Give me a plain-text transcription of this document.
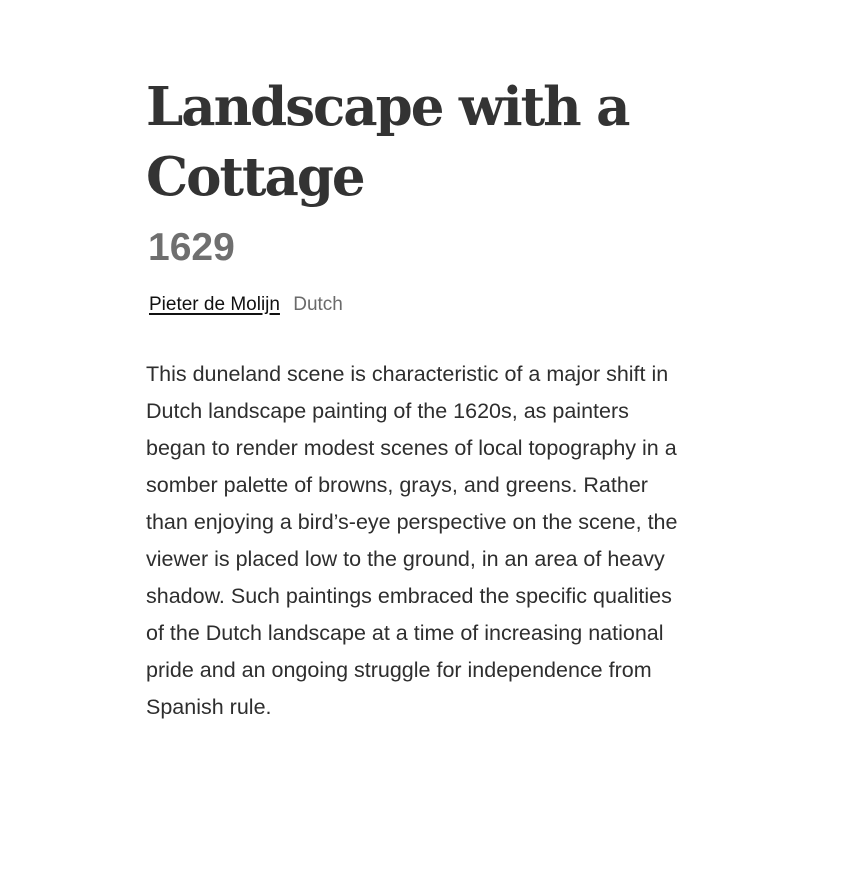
Landscape with a Cottage
1629
Pieter de Molijn Dutch

This duneland scene is characteristic of a major shift in Dutch landscape painting of the 1620s, as painters began to render modest scenes of local topography in a somber palette of browns, grays, and greens. Rather than enjoying a bird’s-eye perspective on the scene, the viewer is placed low to the ground, in an area of heavy shadow. Such paintings embraced the specific qualities of the Dutch landscape at a time of increasing national pride and an ongoing struggle for independence from Spanish rule.
